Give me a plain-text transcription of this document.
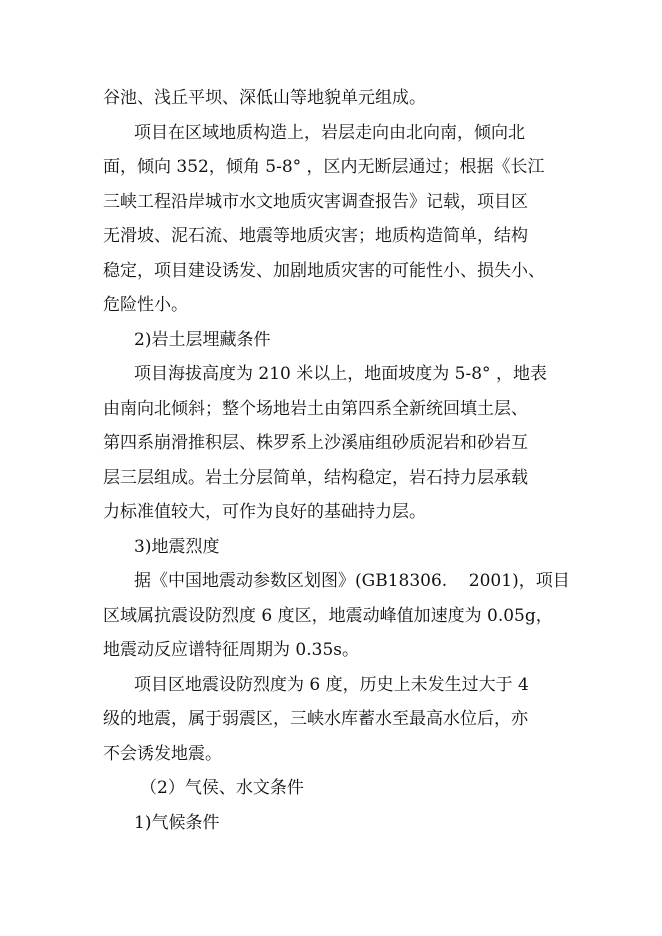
谷池、浅丘平坝、深低山等地貌单元组成。
项目在区域地质构造上，岩层走向由北向南，倾向北
面，倾向 352，倾角 5-8° ，区内无断层通过；根据《长江
三峡工程沿岸城市水文地质灾害调查报告》记载，项目区
无滑坡、泥石流、地震等地质灾害；地质构造简单，结构
稳定，项目建设诱发、加剧地质灾害的可能性小、损失小、
危险性小。
2)岩土层埋藏条件
项目海拔高度为 210 米以上，地面坡度为 5-8° ，地表
由南向北倾斜；整个场地岩土由第四系全新统回填土层、
第四系崩滑推积层、株罗系上沙溪庙组砂质泥岩和砂岩互
层三层组成。岩土分层简单，结构稳定，岩石持力层承载
力标准值较大，可作为良好的基础持力层。
3)地震烈度
据《中国地震动参数区划图》(GB18306.    2001)，项目
区域属抗震设防烈度 6 度区，地震动峰值加速度为 0.05g，
地震动反应谱特征周期为 0.35s。
项目区地震设防烈度为 6 度，历史上未发生过大于 4
级的地震，属于弱震区，三峡水库蓄水至最高水位后，亦
不会诱发地震。
（2）气侯、水文条件
1)气候条件
